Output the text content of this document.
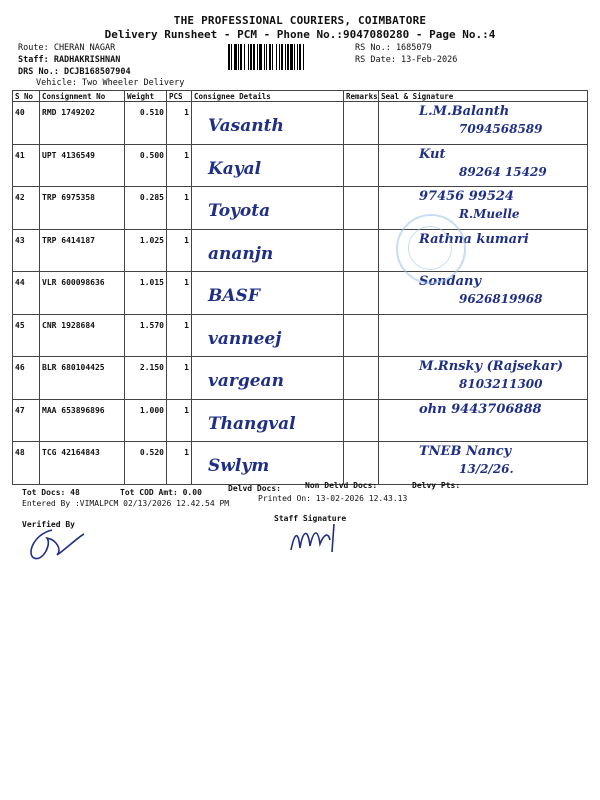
THE PROFESSIONAL COURIERS, COIMBATORE
Delivery Runsheet - PCM - Phone No.:9047080280 - Page No.:4
Route: CHERAN NAGAR
Staff: RADHAKRISHNAN
DRS No.: DCJB168507904
Vehicle: Two Wheeler Delivery
RS No.: 1685079
RS Date: 13-Feb-2026
S No	Consignment No	Weight	PCS	Consignee Details	Remarks	Seal & Signature
40	RMD 1749202	0.510	1	Vasanth		L.M.Balanth
7094568589

41	UPT 4136549	0.500	1	Kayal		Kut
89264 15429

42	TRP 6975358	0.285	1	Toyota		97456 99524
R.Muelle

43	TRP 6414187	1.025	1	ananjn		Rathna kumari

44	VLR 600098636	1.015	1	BASF		Sondany
9626819968

45	CNR 1928684	1.570	1	vanneej		

46	BLR 680104425	2.150	1	vargean		M.Rnsky (Rajsekar)
8103211300

47	MAA 653896896	1.000	1	Thangval		ohn 9443706888

48	TCG 42164843	0.520	1	Swlym		TNEB Nancy
13/2/26.
Tot Docs: 48	Tot COD Amt: 0.00	Delvd Docs:	Non Delvd Docs:	Delvy Pts:
Entered By :VIMALPCM 02/13/2026 12.42.54 PM
Printed On: 13-02-2026 12.43.13
Staff Signature
Verified By
